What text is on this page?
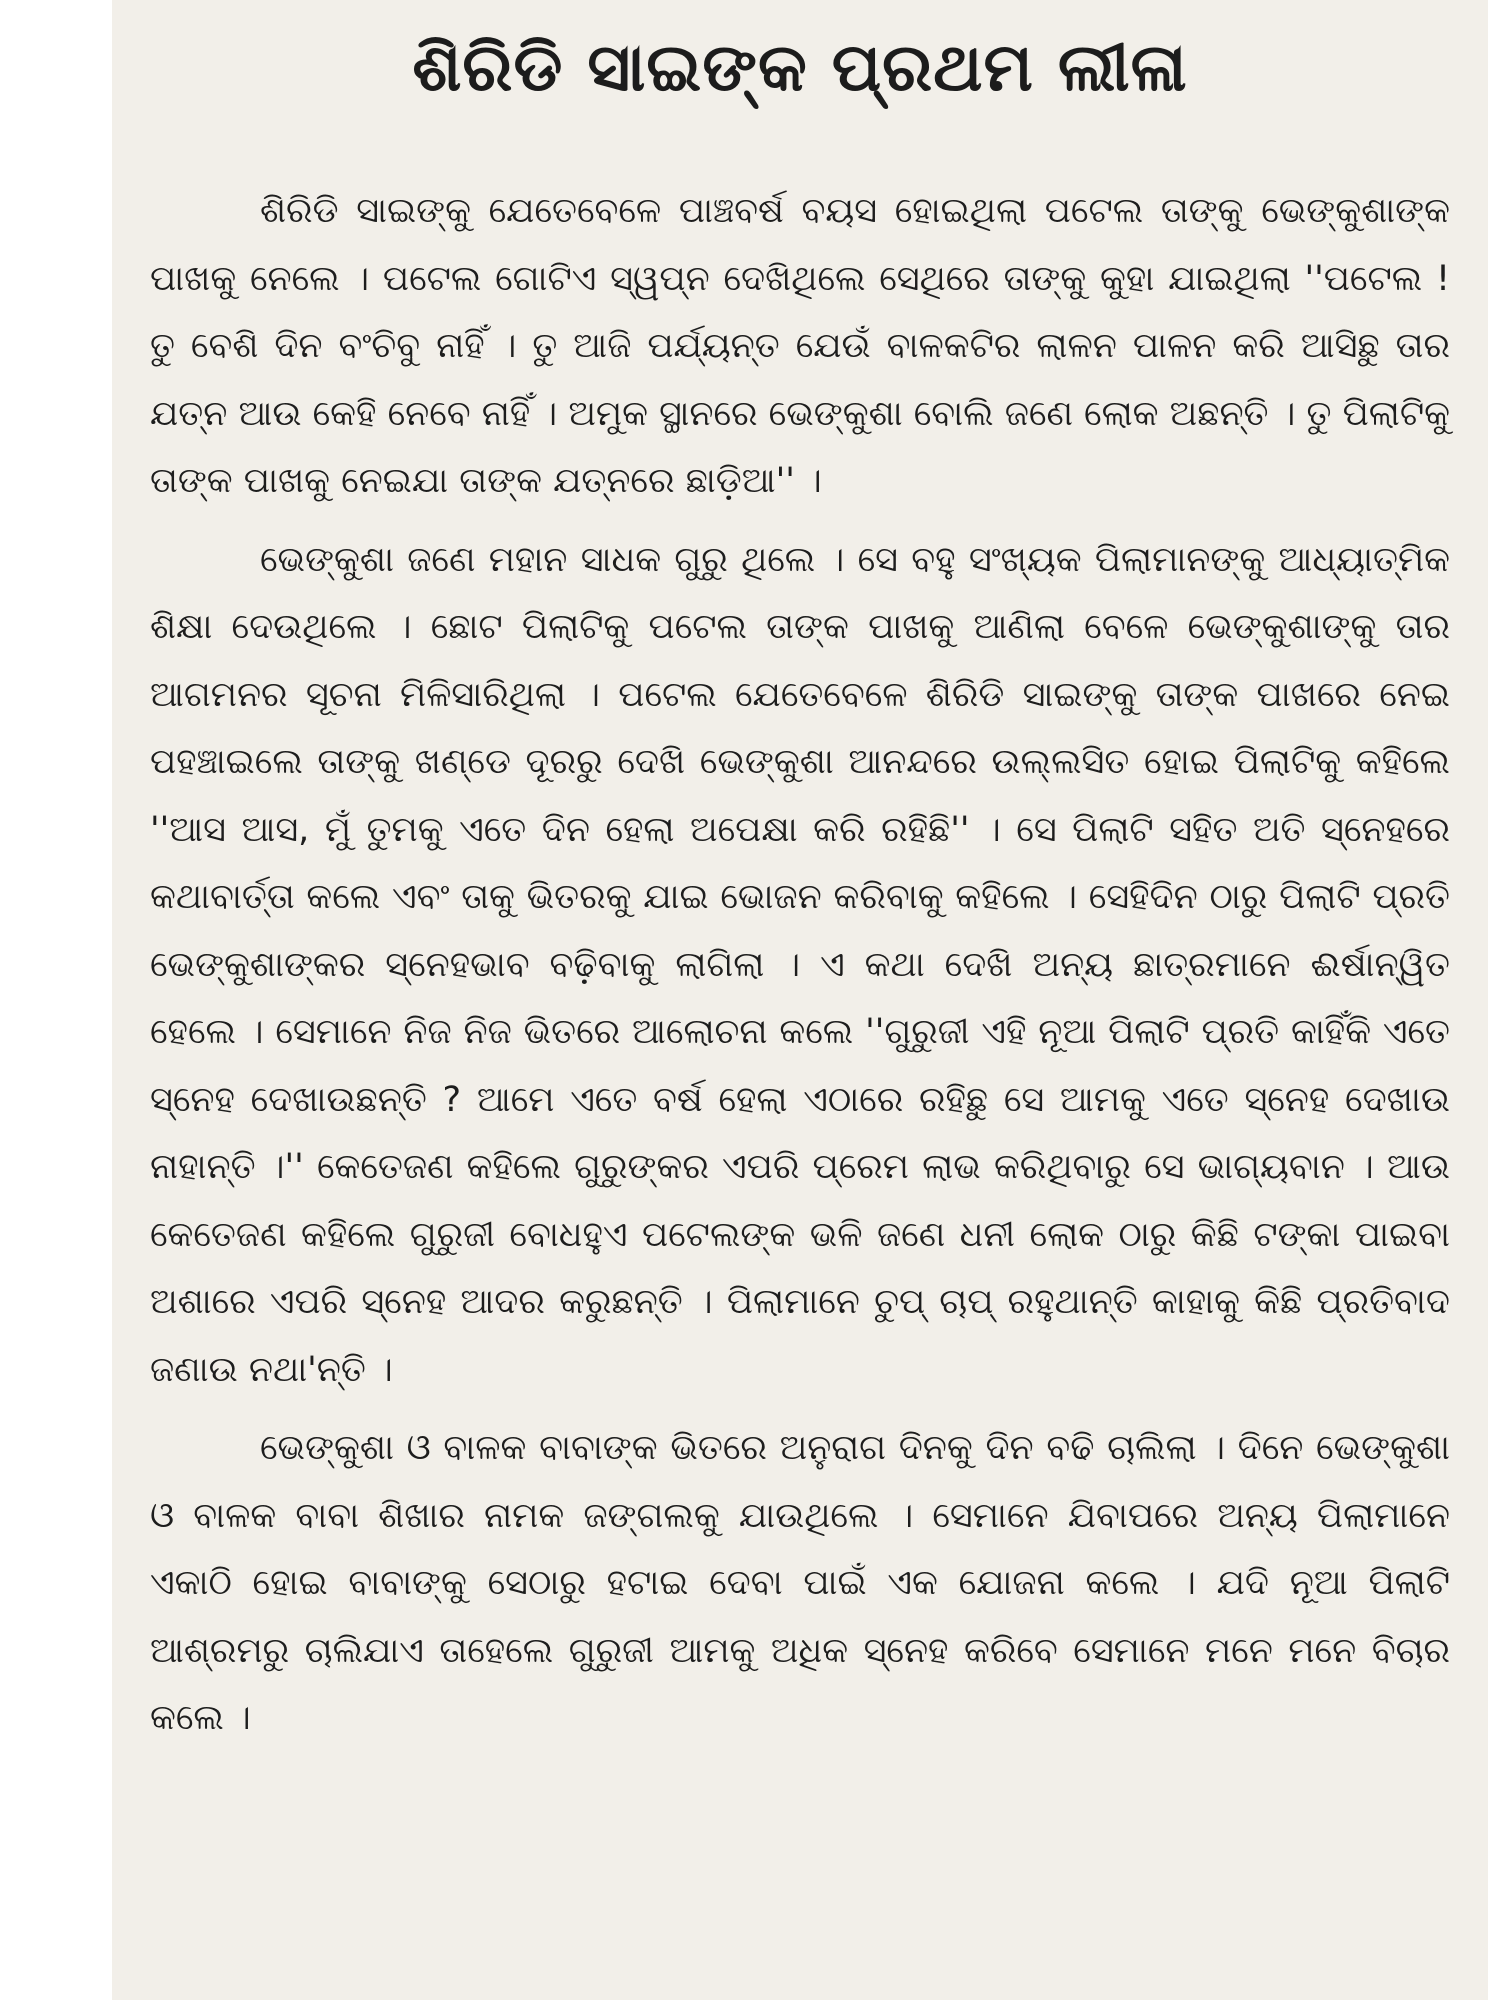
ଶିରିଡି ସାଇଙ୍କ ପ୍ରଥମ ଲୀଳା

ଶିରିଡି ସାଇଙ୍କୁ ଯେତେବେଳେ ପାଞ୍ଚବର୍ଷ ବୟସ ହୋଇଥିଲା ପଟେଲ ତାଙ୍କୁ ଭେଙ୍କୁଶାଙ୍କ ପାଖକୁ ନେଲେ । ପଟେଲ ଗୋଟିଏ ସ୍ୱପ୍ନ ଦେଖିଥିଲେ ସେଥିରେ ତାଙ୍କୁ କୁହା ଯାଇଥିଲା ''ପଟେଲ ! ତୁ ବେଶି ଦିନ ବଂଚିବୁ ନାହିଁ । ତୁ ଆଜି ପର୍ଯ୍ୟନ୍ତ ଯେଉଁ ବାଳକଟିର ଲାଳନ ପାଳନ କରି ଆସିଛୁ ତାର ଯତ୍ନ ଆଉ କେହି ନେବେ ନାହିଁ । ଅମୁକ ସ୍ଥାନରେ ଭେଙ୍କୁଶା ବୋଲି ଜଣେ ଲୋକ ଅଛନ୍ତି । ତୁ ପିଲାଟିକୁ ତାଙ୍କ ପାଖକୁ ନେଇଯା ତାଙ୍କ ଯତ୍ନରେ ଛାଡ଼ିଆ'' ।

ଭେଙ୍କୁଶା ଜଣେ ମହାନ ସାଧକ ଗୁରୁ ଥିଲେ । ସେ ବହୁ ସଂଖ୍ୟକ ପିଲାମାନଙ୍କୁ ଆଧ୍ୟାତ୍ମିକ ଶିକ୍ଷା ଦେଉଥିଲେ । ଛୋଟ ପିଲାଟିକୁ ପଟେଲ ତାଙ୍କ ପାଖକୁ ଆଣିଲା ବେଳେ ଭେଙ୍କୁଶାଙ୍କୁ ତାର ଆଗମନର ସୂଚନା ମିଳିସାରିଥିଲା । ପଟେଲ ଯେତେବେଳେ ଶିରିଡି ସାଇଙ୍କୁ ତାଙ୍କ ପାଖରେ ନେଇ ପହଞ୍ଚାଇଲେ ତାଙ୍କୁ ଖଣ୍ଡେ ଦୂରରୁ ଦେଖି ଭେଙ୍କୁଶା ଆନନ୍ଦରେ ଉଲ୍ଲସିତ ହୋଇ ପିଲାଟିକୁ କହିଲେ ''ଆସ ଆସ, ମୁଁ ତୁମକୁ ଏତେ ଦିନ ହେଲା ଅପେକ୍ଷା କରି ରହିଛି'' । ସେ ପିଲାଟି ସହିତ ଅତି ସ୍ନେହରେ କଥାବାର୍ତ୍ତା କଲେ ଏବଂ ତାକୁ ଭିତରକୁ ଯାଇ ଭୋଜନ କରିବାକୁ କହିଲେ । ସେହିଦିନ ଠାରୁ ପିଲାଟି ପ୍ରତି ଭେଙ୍କୁଶାଙ୍କର ସ୍ନେହଭାବ ବଢ଼ିବାକୁ ଲାଗିଲା । ଏ କଥା ଦେଖି ଅନ୍ୟ ଛାତ୍ରମାନେ ଈର୍ଷାନ୍ୱିତ ହେଲେ । ସେମାନେ ନିଜ ନିଜ ଭିତରେ ଆଲୋଚନା କଲେ ''ଗୁରୁଜୀ ଏହି ନୂଆ ପିଲାଟି ପ୍ରତି କାହିଁକି ଏତେ ସ୍ନେହ ଦେଖାଉଛନ୍ତି ? ଆମେ ଏତେ ବର୍ଷ ହେଲା ଏଠାରେ ରହିଛୁ ସେ ଆମକୁ ଏତେ ସ୍ନେହ ଦେଖାଉ ନାହାନ୍ତି ।'' କେତେଜଣ କହିଲେ ଗୁରୁଙ୍କର ଏପରି ପ୍ରେମ ଲାଭ କରିଥିବାରୁ ସେ ଭାଗ୍ୟବାନ । ଆଉ କେତେଜଣ କହିଲେ ଗୁରୁଜୀ ବୋଧହୁଏ ପଟେଲଙ୍କ ଭଳି ଜଣେ ଧନୀ ଲୋକ ଠାରୁ କିଛି ଟଙ୍କା ପାଇବା ଅଶାରେ ଏପରି ସ୍ନେହ ଆଦର କରୁଛନ୍ତି । ପିଲାମାନେ ଚୁପ୍ ଚାପ୍ ରହୁଥାନ୍ତି କାହାକୁ କିଛି ପ୍ରତିବାଦ ଜଣାଉ ନଥା'ନ୍ତି ।

ଭେଙ୍କୁଶା ଓ ବାଳକ ବାବାଙ୍କ ଭିତରେ ଅନୁରାଗ ଦିନକୁ ଦିନ ବଢି ଚାଲିଲା । ଦିନେ ଭେଙ୍କୁଶା ଓ ବାଳକ ବାବା ଶିଖାର ନାମକ ଜଙ୍ଗଲକୁ ଯାଉଥିଲେ । ସେମାନେ ଯିବାପରେ ଅନ୍ୟ ପିଲାମାନେ ଏକାଠି ହୋଇ ବାବାଙ୍କୁ ସେଠାରୁ ହଟାଇ ଦେବା ପାଇଁ ଏକ ଯୋଜନା କଲେ । ଯଦି ନୂଆ ପିଲାଟି ଆଶ୍ରମରୁ ଚାଲିଯାଏ ତାହେଲେ ଗୁରୁଜୀ ଆମକୁ ଅଧିକ ସ୍ନେହ କରିବେ ସେମାନେ ମନେ ମନେ ବିଚାର କଲେ ।
